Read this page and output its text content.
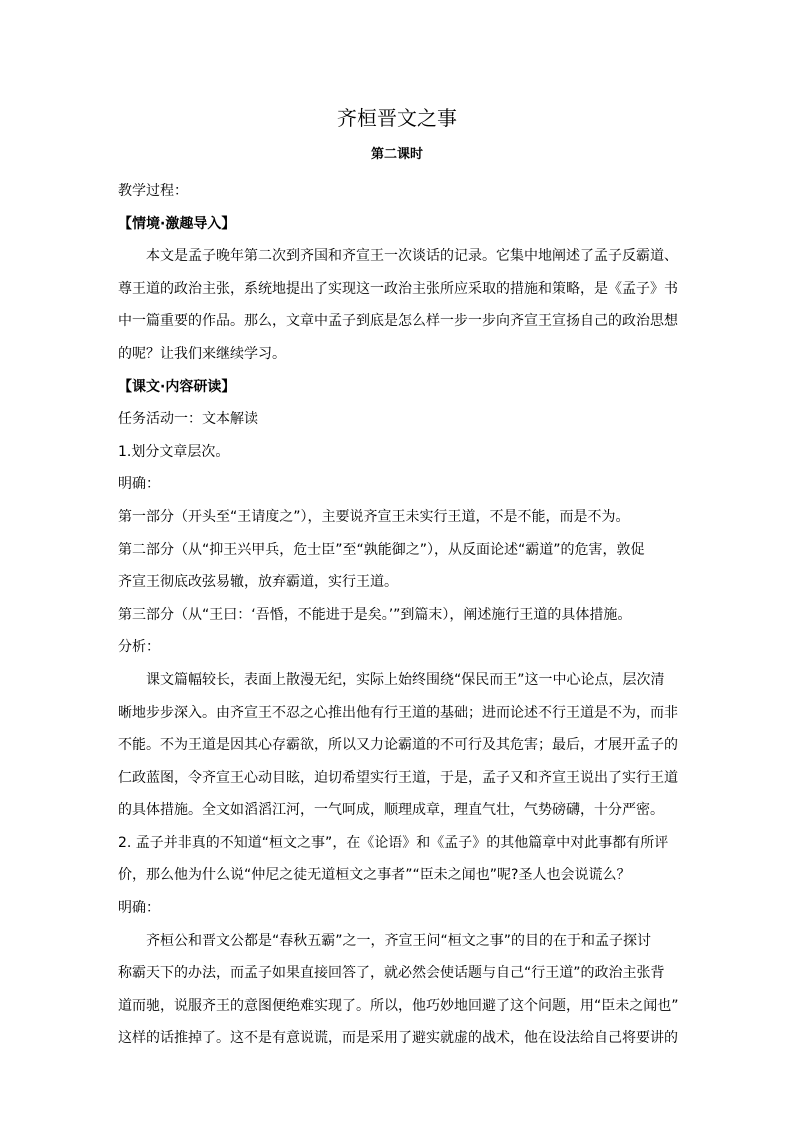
齐桓晋文之事
第二课时

教学过程：

【情境·激趣导入】

本文是孟子晚年第二次到齐国和齐宣王一次谈话的记录。它集中地阐述了孟子反霸道、

尊王道的政治主张，系统地提出了实现这一政治主张所应采取的措施和策略，是《孟子》书

中一篇重要的作品。那么，文章中孟子到底是怎么样一步一步向齐宣王宣扬自己的政治思想

的呢？让我们来继续学习。

【课文·内容研读】

任务活动一：文本解读

1.划分文章层次。

明确：

第一部分（开头至“王请度之”），主要说齐宣王未实行王道，不是不能，而是不为。

第二部分（从“抑王兴甲兵，危士臣”至“孰能御之”），从反面论述“霸道”的危害，敦促

齐宣王彻底改弦易辙，放弃霸道，实行王道。

第三部分（从“王曰：‘吾惛，不能进于是矣。’”到篇末），阐述施行王道的具体措施。

分析：

课文篇幅较长，表面上散漫无纪，实际上始终围绕“保民而王”这一中心论点，层次清

晰地步步深入。由齐宣王不忍之心推出他有行王道的基础；进而论述不行王道是不为，而非

不能。不为王道是因其心存霸欲，所以又力论霸道的不可行及其危害；最后，才展开孟子的

仁政蓝图，令齐宣王心动目眩，迫切希望实行王道，于是，孟子又和齐宣王说出了实行王道

的具体措施。全文如滔滔江河，一气呵成，顺理成章，理直气壮，气势磅礴，十分严密。

2. 孟子并非真的不知道“桓文之事”，在《论语》和《孟子》的其他篇章中对此事都有所评

价，那么他为什么说“仲尼之徒无道桓文之事者”“臣未之闻也”呢?圣人也会说谎么？

明确：

齐桓公和晋文公都是“春秋五霸”之一，齐宣王问“桓文之事”的目的在于和孟子探讨

称霸天下的办法，而孟子如果直接回答了，就必然会使话题与自己“行王道”的政治主张背

道而驰，说服齐王的意图便绝难实现了。所以，他巧妙地回避了这个问题，用“臣未之闻也”

这样的话推掉了。这不是有意说谎，而是采用了避实就虚的战术，他在设法给自己将要讲的
